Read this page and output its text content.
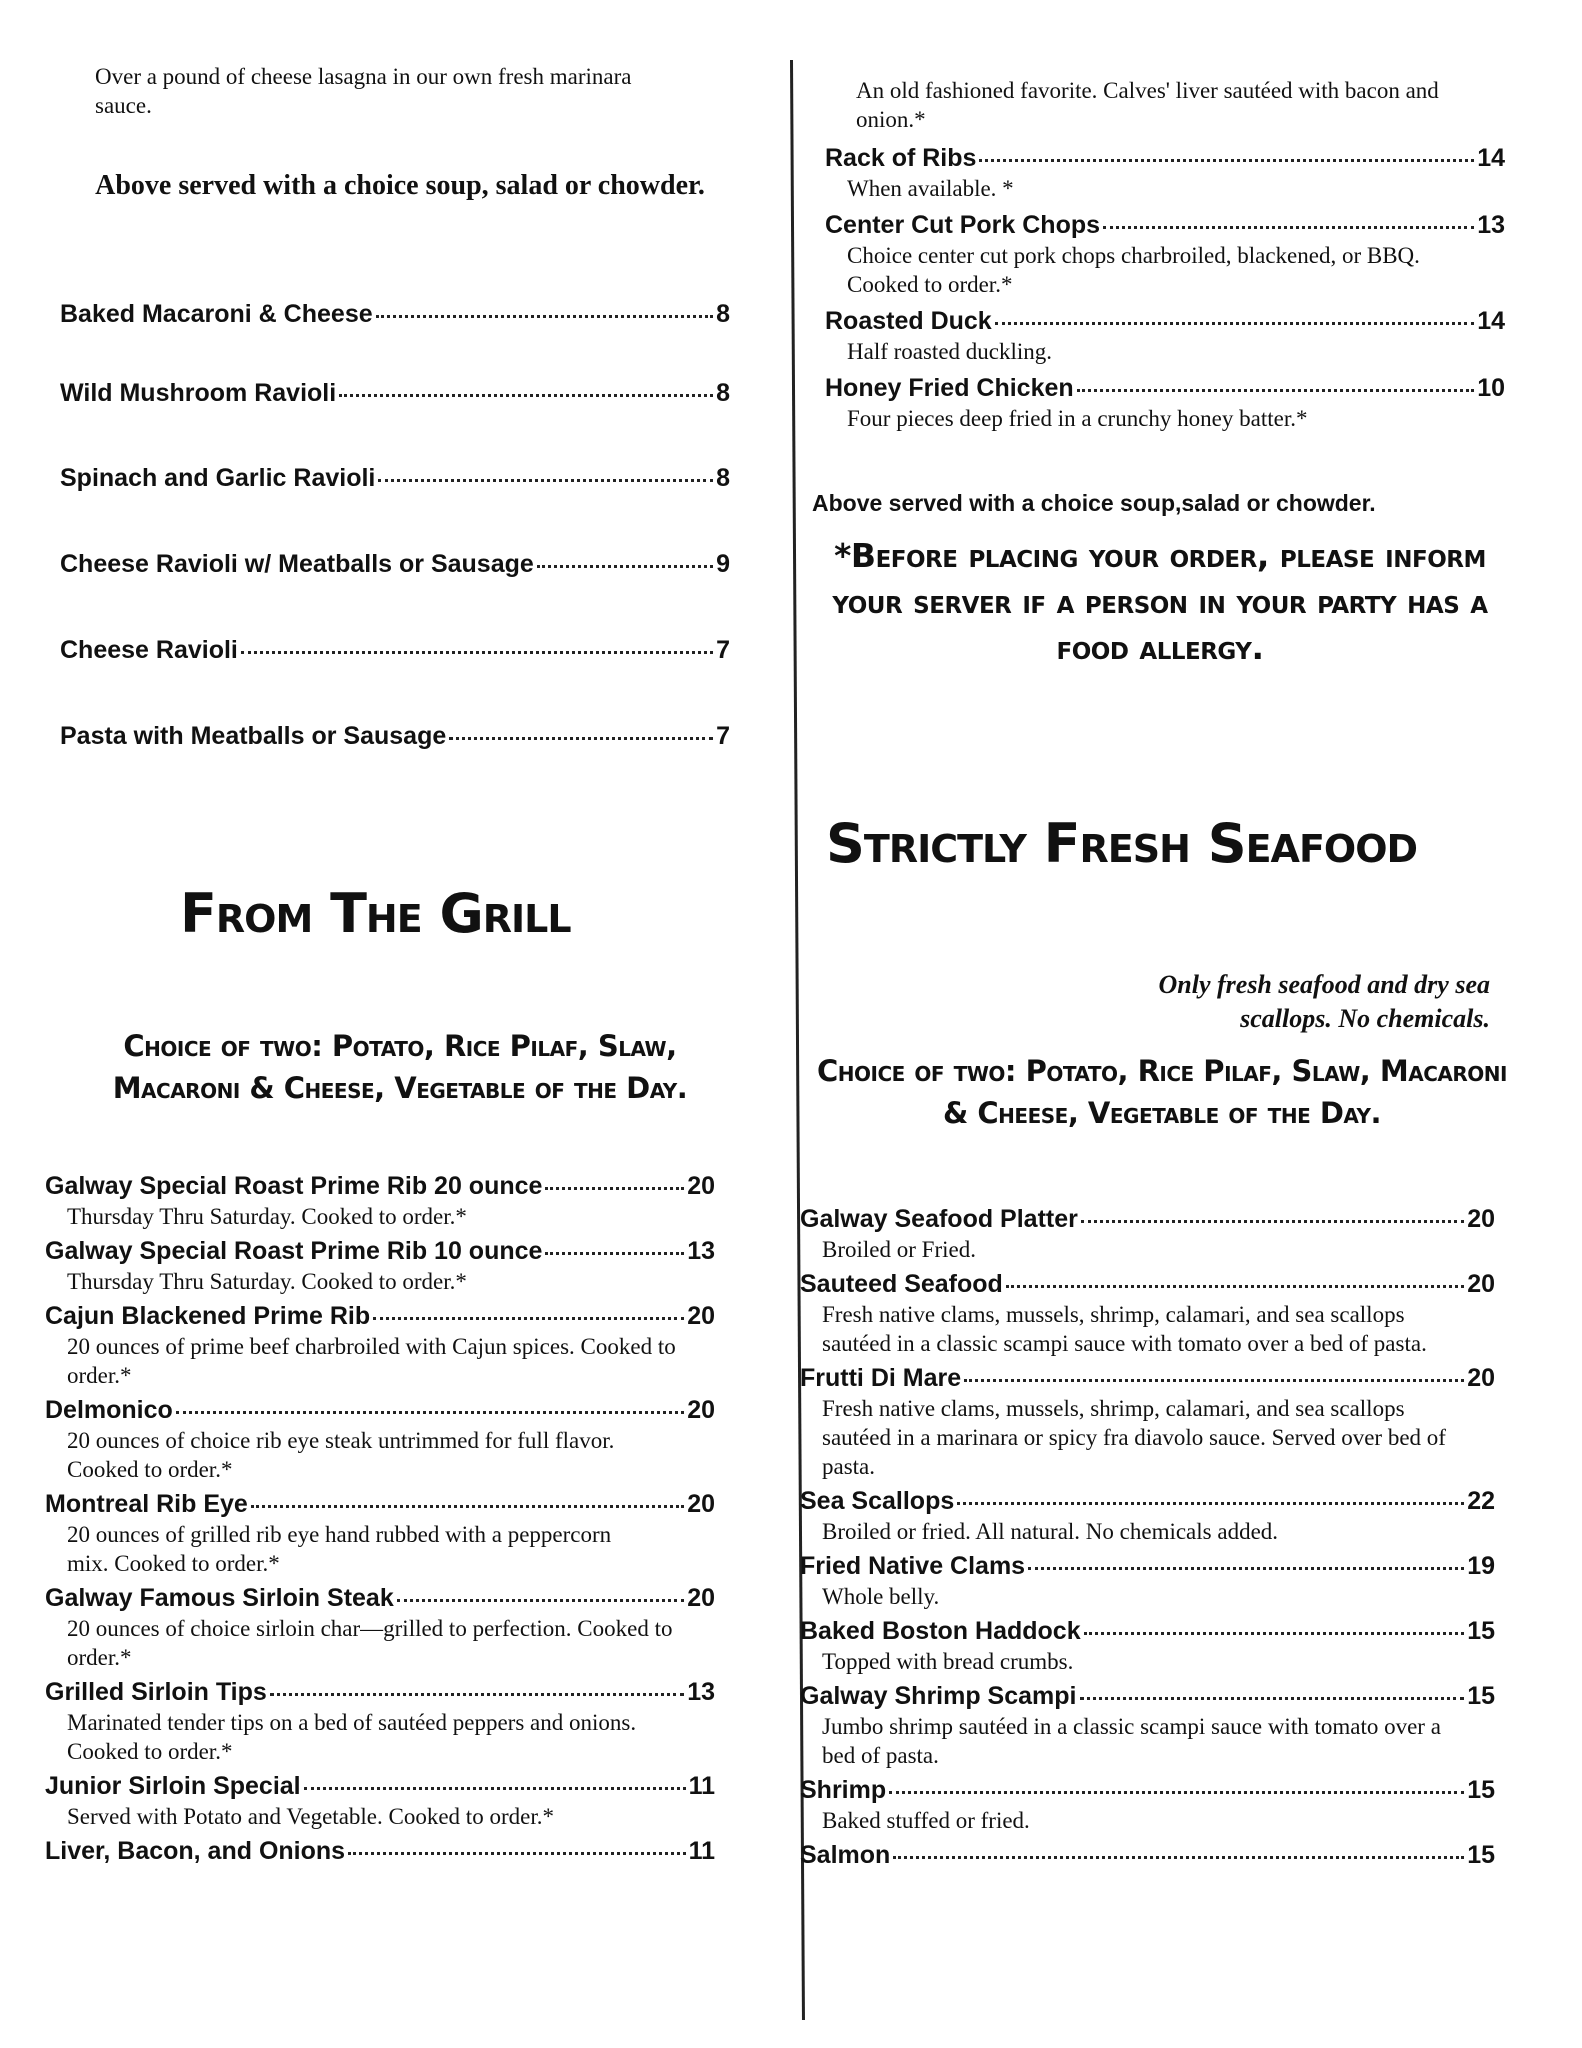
Over a pound of cheese lasagna in our own fresh marinara sauce.
Above served with a choice soup, salad or chowder.
Baked Macaroni & Cheese	8
Wild Mushroom Ravioli	8
Spinach and Garlic Ravioli	8
Cheese Ravioli w/ Meatballs or Sausage	9
Cheese Ravioli	7
Pasta with Meatballs or Sausage	7
From The Grill
Choice of two: Potato, Rice Pilaf, Slaw, Macaroni & Cheese, Vegetable of the Day.
Galway Special Roast Prime Rib 20 ounce	20
Thursday Thru Saturday. Cooked to order.*
Galway Special Roast Prime Rib 10 ounce	13
Thursday Thru Saturday. Cooked to order.*
Cajun Blackened Prime Rib	20
20 ounces of prime beef charbroiled with Cajun spices. Cooked to order.*
Delmonico	20
20 ounces of choice rib eye steak untrimmed for full flavor. Cooked to order.*
Montreal Rib Eye	20
20 ounces of grilled rib eye hand rubbed with a peppercorn mix. Cooked to order.*
Galway Famous Sirloin Steak	20
20 ounces of choice sirloin char—grilled to perfection. Cooked to order.*
Grilled Sirloin Tips	13
Marinated tender tips on a bed of sautéed peppers and onions. Cooked to order.*
Junior Sirloin Special	11
Served with Potato and Vegetable. Cooked to order.*
Liver, Bacon, and Onions	11
An old fashioned favorite. Calves' liver sautéed with bacon and onion.*
Rack of Ribs	14
When available. *
Center Cut Pork Chops	13
Choice center cut pork chops charbroiled, blackened, or BBQ. Cooked to order.*
Roasted Duck	14
Half roasted duckling.
Honey Fried Chicken	10
Four pieces deep fried in a crunchy honey batter.*
Above served with a choice soup,salad or chowder.
*Before placing your order, please inform your server if a person in your party has a food allergy.
Strictly Fresh Seafood
Only fresh seafood and dry sea scallops. No chemicals.
Choice of two: Potato, Rice Pilaf, Slaw, Macaroni & Cheese, Vegetable of the Day.
Galway Seafood Platter	20
Broiled or Fried.
Sauteed Seafood	20
Fresh native clams, mussels, shrimp, calamari, and sea scallops sautéed in a classic scampi sauce with tomato over a bed of pasta.
Frutti Di Mare	20
Fresh native clams, mussels, shrimp, calamari, and sea scallops sautéed in a marinara or spicy fra diavolo sauce. Served over bed of pasta.
Sea Scallops	22
Broiled or fried. All natural. No chemicals added.
Fried Native Clams	19
Whole belly.
Baked Boston Haddock	15
Topped with bread crumbs.
Galway Shrimp Scampi	15
Jumbo shrimp sautéed in a classic scampi sauce with tomato over a bed of pasta.
Shrimp	15
Baked stuffed or fried.
Salmon	15
